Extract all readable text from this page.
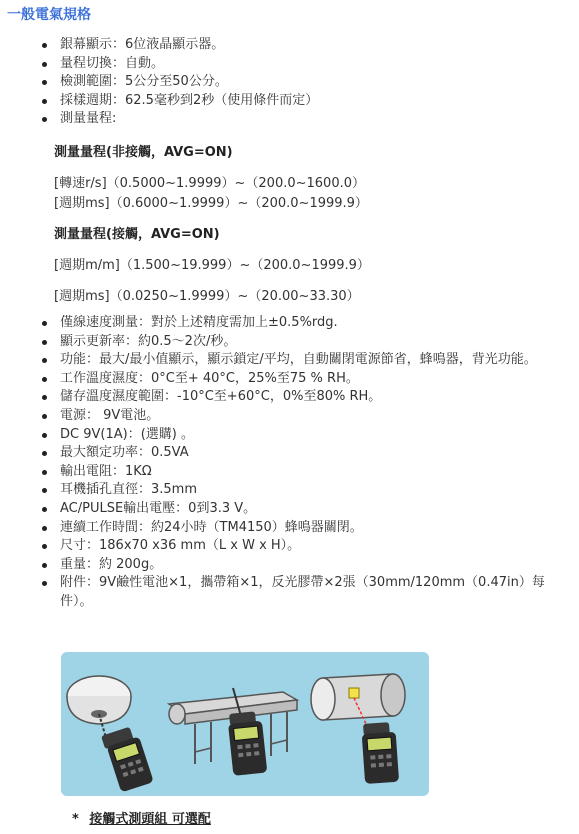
一般電氣規格
銀幕顯示：6位液晶顯示器。
量程切換：自動。
檢測範圍：5公分至50公分。
採樣週期：62.5毫秒到2秒（使用條件而定）
測量量程:
測量量程(非接觸，AVG=ON)
[轉速r/s]（0.5000~1.9999）~（200.0~1600.0）
[週期ms]（0.6000~1.9999）~（200.0~1999.9）
測量量程(接觸，AVG=ON)
[週期m/m]（1.500~19.999）~（200.0~1999.9）
[週期ms]（0.0250~1.9999）~（20.00~33.30）
僅線速度測量：對於上述精度需加上±0.5%rdg.
顯示更新率：約0.5～2次/秒。
功能：最大/最小值顯示，顯示鎖定/平均，自動關閉電源節省，蜂鳴器，背光功能。
工作溫度濕度：0°C至+ 40°C，25%至75 % RH。
儲存溫度濕度範圍：-10°C至+60°C，0%至80% RH。
電源： 9V電池。
DC 9V(1A)：(選購) 。
最大額定功率：0.5VA
輸出電阻：1KΩ
耳機插孔直徑：3.5mm
AC/PULSE輸出電壓：0到3.3 V。
連續工作時間：約24小時（TM4150）蜂鳴器關閉。
尺寸：186x70 x36 mm（L x W x H）。
重量：約 200g。
附件：9V鹼性電池×1，攜帶箱×1，反光膠帶×2張（30mm/120mm（0.47in）每件）。
* 接觸式測頭組 可選配
